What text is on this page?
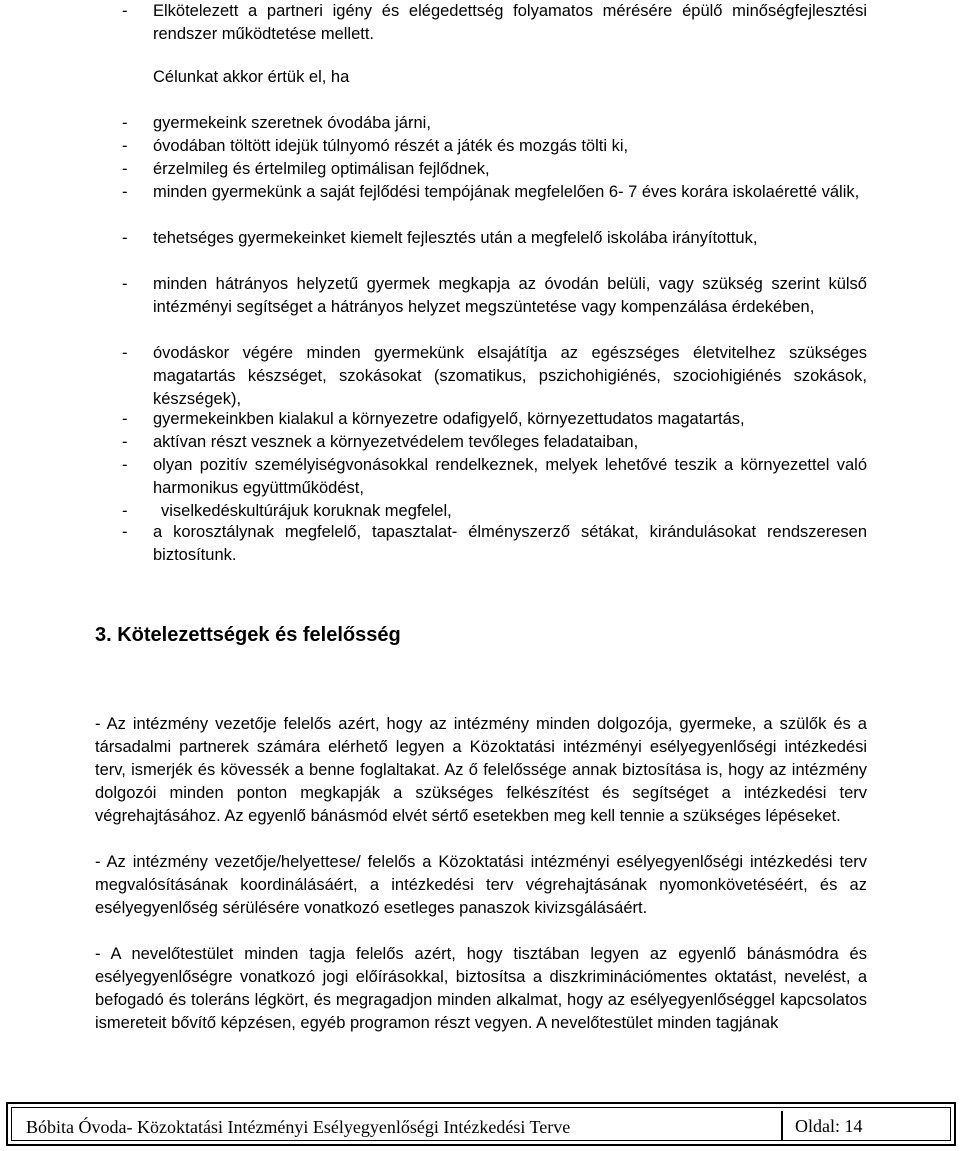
- Elkötelezett a partneri igény és elégedettség folyamatos mérésére épülő minőségfejlesztési rendszer működtetése mellett.
Célunkat akkor értük el, ha
- gyermekeink szeretnek óvodába járni,
- óvodában töltött idejük túlnyomó részét a játék és mozgás tölti ki,
- érzelmileg és értelmileg optimálisan fejlődnek,
- minden gyermekünk a saját fejlődési tempójának megfelelően 6- 7 éves korára iskolaéretté válik,
- tehetséges gyermekeinket kiemelt fejlesztés után a megfelelő iskolába irányítottuk,
- minden hátrányos helyzetű gyermek megkapja az óvodán belüli, vagy szükség szerint külső intézményi segítséget a hátrányos helyzet megszüntetése vagy kompenzálása érdekében,
- óvodáskor végére minden gyermekünk elsajátítja az egészséges életvitelhez szükséges magatartás készséget, szokásokat (szomatikus, pszichohigiénés, szociohigiénés szokások, készségek),
- gyermekeinkben kialakul a környezetre odafigyelő, környezettudatos magatartás,
- aktívan részt vesznek a környezetvédelem tevőleges feladataiban,
- olyan pozitív személyiségvonásokkal rendelkeznek, melyek lehetővé teszik a környezettel való harmonikus együttműködést,
- viselkedéskultúrájuk koruknak megfelel,
- a korosztálynak megfelelő, tapasztalat- élményszerző sétákat, kirándulásokat rendszeresen biztosítunk.
3. Kötelezettségek és felelősség
- Az intézmény vezetője felelős azért, hogy az intézmény minden dolgozója, gyermeke, a szülők és a társadalmi partnerek számára elérhető legyen a Közoktatási intézményi esélyegyenlőségi intézkedési terv, ismerjék és kövessék a benne foglaltakat. Az ő felelőssége annak biztosítása is, hogy az intézmény dolgozói minden ponton megkapják a szükséges felkészítést és segítséget a intézkedési terv végrehajtásához. Az egyenlő bánásmód elvét sértő esetekben meg kell tennie a szükséges lépéseket.
- Az intézmény vezetője/helyettese/ felelős a Közoktatási intézményi esélyegyenlőségi intézkedési terv megvalósításának koordinálásáért, a intézkedési terv végrehajtásának nyomonkövetéséért, és az esélyegyenlőség sérülésére vonatkozó esetleges panaszok kivizsgálásáért.
- A nevelőtestület minden tagja felelős azért, hogy tisztában legyen az egyenlő bánásmódra és esélyegyenlőségre vonatkozó jogi előírásokkal, biztosítsa a diszkriminációmentes oktatást, nevelést, a befogadó és toleráns légkört, és megragadjon minden alkalmat, hogy az esélyegyenlőséggel kapcsolatos ismereteit bővítő képzésen, egyéb programon részt vegyen. A nevelőtestület minden tagjának
Bóbita Óvoda- Közoktatási Intézményi Esélyegyenlőségi Intézkedési Terve	Oldal: 14
